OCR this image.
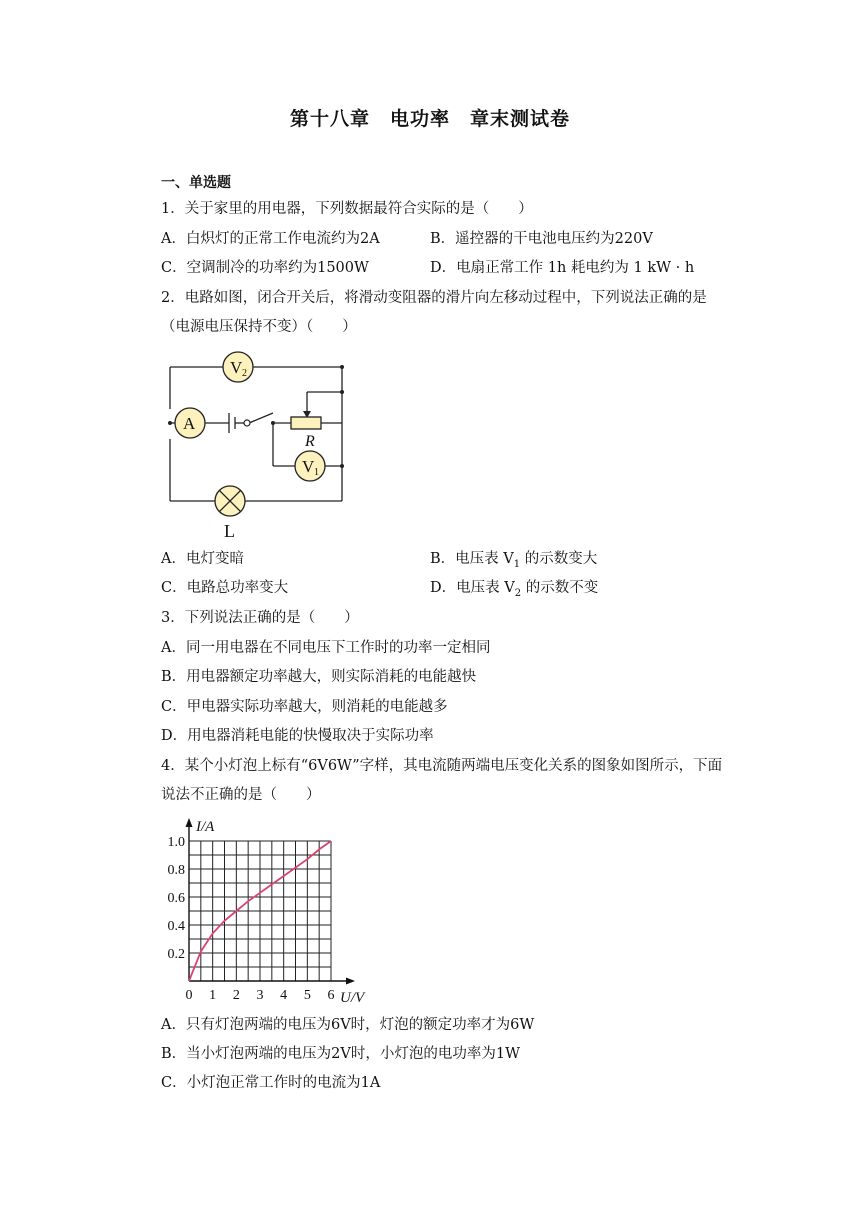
第十八章　电功率　章末测试卷
一、单选题
1．关于家里的用电器，下列数据最符合实际的是（　　）
A．白炽灯的正常工作电流约为2A	B．遥控器的干电池电压约为220V
C．空调制冷的功率约为1500W	D．电扇正常工作 1h 耗电约为 1 kW · h
2．电路如图，闭合开关后，将滑动变阻器的滑片向左移动过程中，下列说法正确的是
（电源电压保持不变）（　　）
V 2
A
R
V 1
L
A．电灯变暗	B．电压表 $V_1$ 的示数变大
C．电路总功率变大	D．电压表 $V_2$ 的示数不变
3．下列说法正确的是（　　）
A．同一用电器在不同电压下工作时的功率一定相同
B．用电器额定功率越大，则实际消耗的电能越快
C．甲电器实际功率越大，则消耗的电能越多
D．用电器消耗电能的快慢取决于实际功率
4．某个小灯泡上标有“6V6W”字样，其电流随两端电压变化关系的图象如图所示，下面
说法不正确的是（　　）
0 1 2 3 4 5 6
0.2
0.4
0.6
0.8
1.0
I/A
U/V
A．只有灯泡两端的电压为6V时，灯泡的额定功率才为6W
B．当小灯泡两端的电压为2V时，小灯泡的电功率为1W
C．小灯泡正常工作时的电流为1A
